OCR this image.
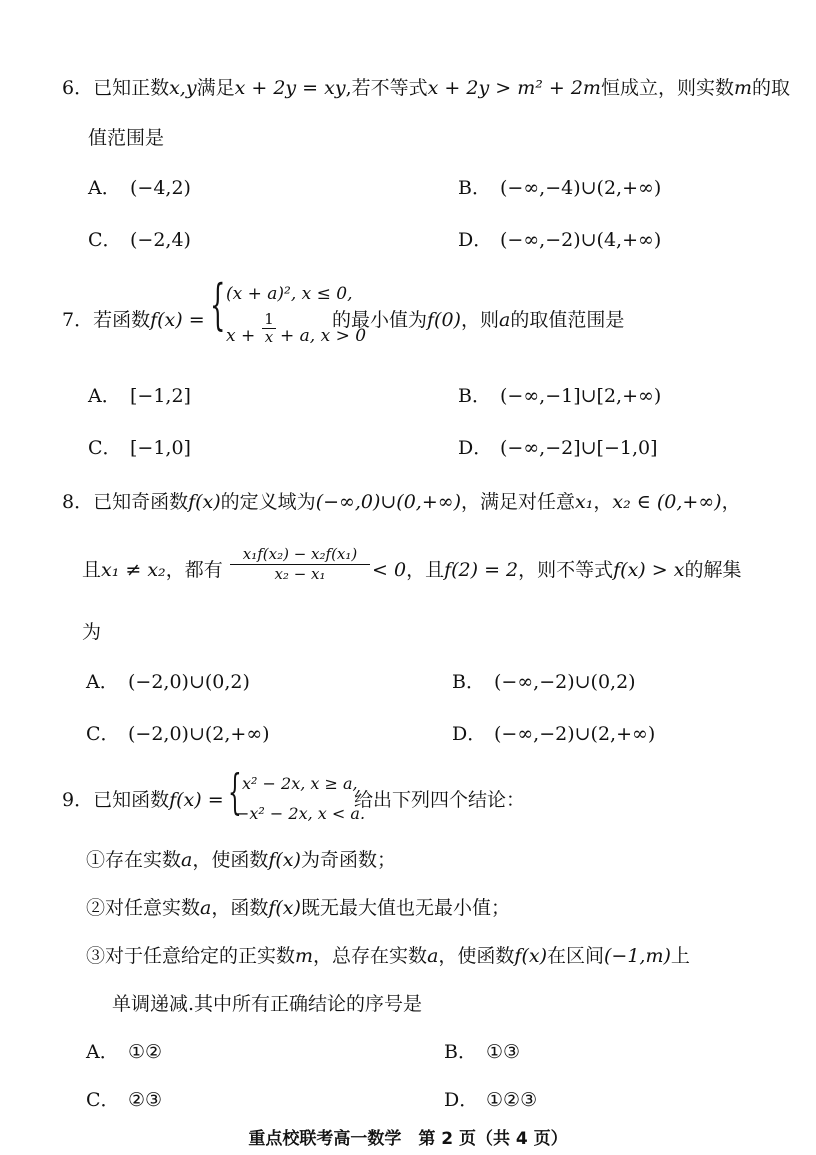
6．已知正数x,y满足x + 2y = xy,若不等式x + 2y > m² + 2m恒成立，则实数m的取
值范围是
A． (−4,2)	B． (−∞,−4)∪(2,+∞)
C． (−2,4)	D． (−∞,−2)∪(4,+∞)
7．若函数f(x) = { (x + a)², x ≤ 0,
$x + \frac{1}{x} + a$, x > 0
的最小值为f(0)，则a的取值范围是
A． [−1,2]	B． (−∞,−1]∪[2,+∞)
C． [−1,0]	D． (−∞,−2]∪[−1,0]
8．已知奇函数f(x)的定义域为(−∞,0)∪(0,+∞)，满足对任意x₁，x₂ ∈ (0,+∞)，
且x₁ ≠ x₂，都有 $\frac{\text{x₁f(x₂) − x₂f(x₁)}}{\text{x₂ − x₁}} < 0$，且f(2) = 2，则不等式f(x) > x的解集
为
A． (−2,0)∪(0,2)	B． (−∞,−2)∪(0,2)
C． (−2,0)∪(2,+∞)	D． (−∞,−2)∪(2,+∞)
9．已知函数f(x) = { x² − 2x, x ≥ a,
−x² − 2x, x < a.
给出下列四个结论：
①存在实数a，使函数f(x)为奇函数；
②对任意实数a，函数f(x)既无最大值也无最小值；
③对于任意给定的正实数m，总存在实数a，使函数f(x)在区间(−1,m)上
单调递减.其中所有正确结论的序号是
A． ①②	B． ①③
C． ②③	D． ①②③
重点校联考高一数学　第 2 页（共 4 页）
